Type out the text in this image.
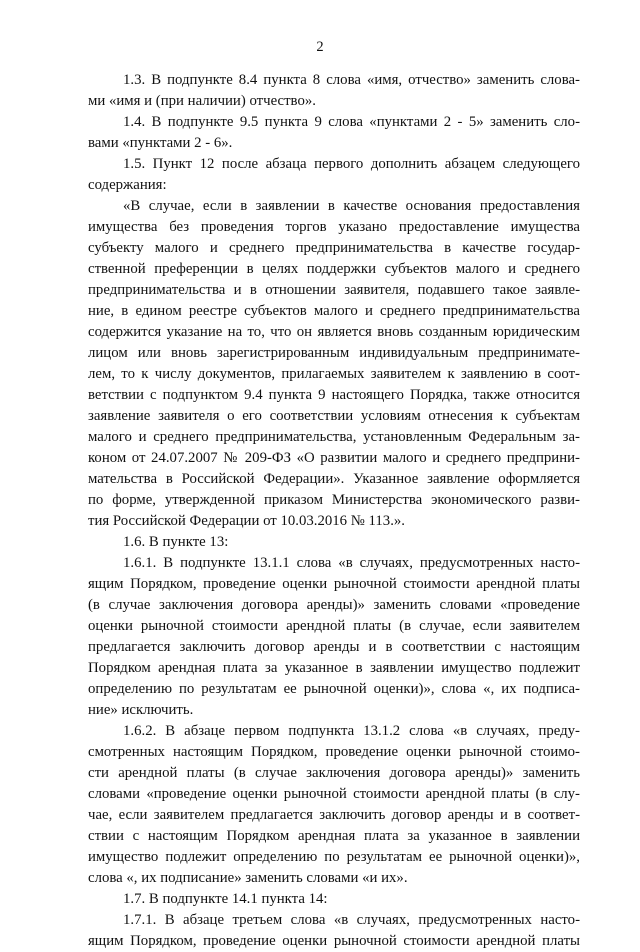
2
1.3. В подпункте 8.4 пункта 8 слова «имя, отчество» заменить слова-
ми «имя и (при наличии) отчество».
1.4. В подпункте 9.5 пункта 9 слова «пунктами 2 - 5» заменить сло-
вами «пунктами 2 - 6».
1.5. Пункт 12 после абзаца первого дополнить абзацем следующего
содержания:
«В случае, если в заявлении в качестве основания предоставления
имущества без проведения торгов указано предоставление имущества
субъекту малого и среднего предпринимательства в качестве государ-
ственной преференции в целях поддержки субъектов малого и среднего
предпринимательства и в отношении заявителя, подавшего такое заявле-
ние, в едином реестре субъектов малого и среднего предпринимательства
содержится указание на то, что он является вновь созданным юридическим
лицом или вновь зарегистрированным индивидуальным предпринимате-
лем, то к числу документов, прилагаемых заявителем к заявлению в соот-
ветствии с подпунктом 9.4 пункта 9 настоящего Порядка, также относится
заявление заявителя о его соответствии условиям отнесения к субъектам
малого и среднего предпринимательства, установленным Федеральным за-
коном от 24.07.2007 № 209-ФЗ «О развитии малого и среднего предприни-
мательства в Российской Федерации». Указанное заявление оформляется
по форме, утвержденной приказом Министерства экономического разви-
тия Российской Федерации от 10.03.2016 № 113.».
1.6. В пункте 13:
1.6.1. В подпункте 13.1.1 слова «в случаях, предусмотренных насто-
ящим Порядком, проведение оценки рыночной стоимости арендной платы
(в случае заключения договора аренды)» заменить словами «проведение
оценки рыночной стоимости арендной платы (в случае, если заявителем
предлагается заключить договор аренды и в соответствии с настоящим
Порядком арендная плата за указанное в заявлении имущество подлежит
определению по результатам ее рыночной оценки)», слова «, их подписа-
ние» исключить.
1.6.2. В абзаце первом подпункта 13.1.2 слова «в случаях, преду-
смотренных настоящим Порядком, проведение оценки рыночной стоимо-
сти арендной платы (в случае заключения договора аренды)» заменить
словами «проведение оценки рыночной стоимости арендной платы (в слу-
чае, если заявителем предлагается заключить договор аренды и в соответ-
ствии с настоящим Порядком арендная плата за указанное в заявлении
имущество подлежит определению по результатам ее рыночной оценки)»,
слова «, их подписание» заменить словами «и их».
1.7. В подпункте 14.1 пункта 14:
1.7.1. В абзаце третьем слова «в случаях, предусмотренных насто-
ящим Порядком, проведение оценки рыночной стоимости арендной платы
